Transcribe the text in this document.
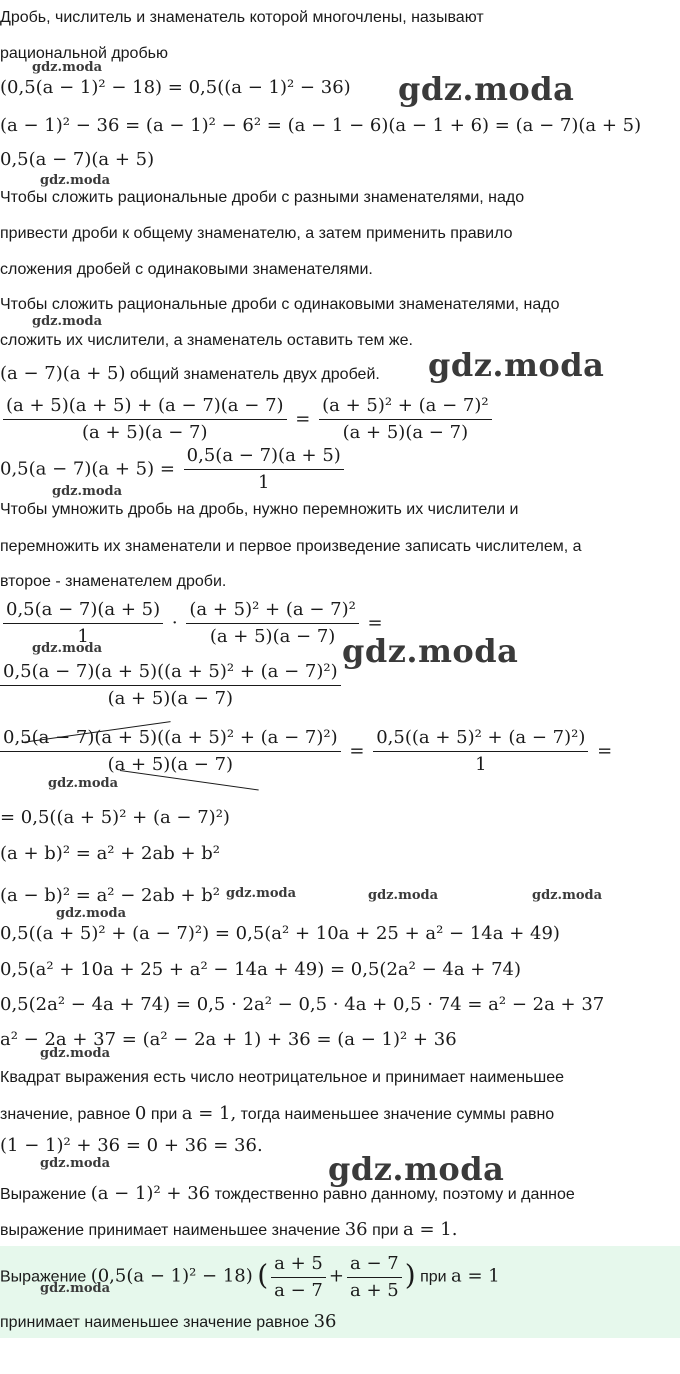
Дробь, числитель и знаменатель которой многочлены, называют
рациональной дробью
(0,5(a − 1)² − 18) = 0,5((a − 1)² − 36)
(a − 1)² − 36 = (a − 1)² − 6² = (a − 1 − 6)(a − 1 + 6) = (a − 7)(a + 5)
0,5(a − 7)(a + 5)
Чтобы сложить рациональные дроби с разными знаменателями, надо
привести дроби к общему знаменателю, а затем применить правило
сложения дробей с одинаковыми знаменателями.
Чтобы сложить рациональные дроби с одинаковыми знаменателями, надо
сложить их числители, а знаменатель оставить тем же.
(a − 7)(a + 5) общий знаменатель двух дробей.
$\frac{(a + 5)(a + 5) + (a - 7)(a - 7)}{(a + 5)(a - 7)} = \frac{\text{(a + 5)² + (a − 7)²}}{(a + 5)(a - 7)}$
$0,5(a - 7)(a + 5) = \frac{0,5(a - 7)(a + 5)}{1}$
Чтобы умножить дробь на дробь, нужно перемножить их числители и
перемножить их знаменатели и первое произведение записать числителем, а
второе - знаменателем дроби.
$\frac{0,5(a - 7)(a + 5)}{1} \cdot \frac{\text{(a + 5)² + (a − 7)²}}{(a + 5)(a - 7)}$ =
$\frac{\text{0,5(a − 7)(a + 5)((a + 5)² + (a − 7)²)}}{(a + 5)(a - 7)}$
$\frac{\text{0,5(a − 7)(a + 5)((a + 5)² + (a − 7)²)}}{(a + 5)(a - 7)} = \frac{\text{0,5((a + 5)² + (a − 7)²)}}{1}$ =
= 0,5((a + 5)² + (a − 7)²)
(a + b)² = a² + 2ab + b²
(a − b)² = a² − 2ab + b²
0,5((a + 5)² + (a − 7)²) = 0,5(a² + 10a + 25 + a² − 14a + 49)
0,5(a² + 10a + 25 + a² − 14a + 49) = 0,5(2a² − 4a + 74)
0,5(2a² − 4a + 74) = 0,5 · 2a² − 0,5 · 4a + 0,5 · 74 = a² − 2a + 37
a² − 2a + 37 = (a² − 2a + 1) + 36 = (a − 1)² + 36
Квадрат выражения есть число неотрицательное и принимает наименьшее
значение, равное 0 при a = 1, тогда наименьшее значение суммы равно
(1 − 1)² + 36 = 0 + 36 = 36.
Выражение (a − 1)² + 36 тождественно равно данному, поэтому и данное
выражение принимает наименьшее значение 36 при a = 1.
Выражение (0,5(a − 1)² − 18) ( $\frac{a + 5}{a - 7} + \frac{a - 7}{a + 5}$ ) при a = 1
принимает наименьшее значение равное 36
gdz.moda
gdz.moda
gdz.moda
gdz.moda
gdz.moda
gdz.moda
gdz.moda	gdz.moda
gdz.moda
gdz.moda	gdz.moda	gdz.moda
gdz.moda
gdz.moda
gdz.moda
gdz.moda
gdz.moda
